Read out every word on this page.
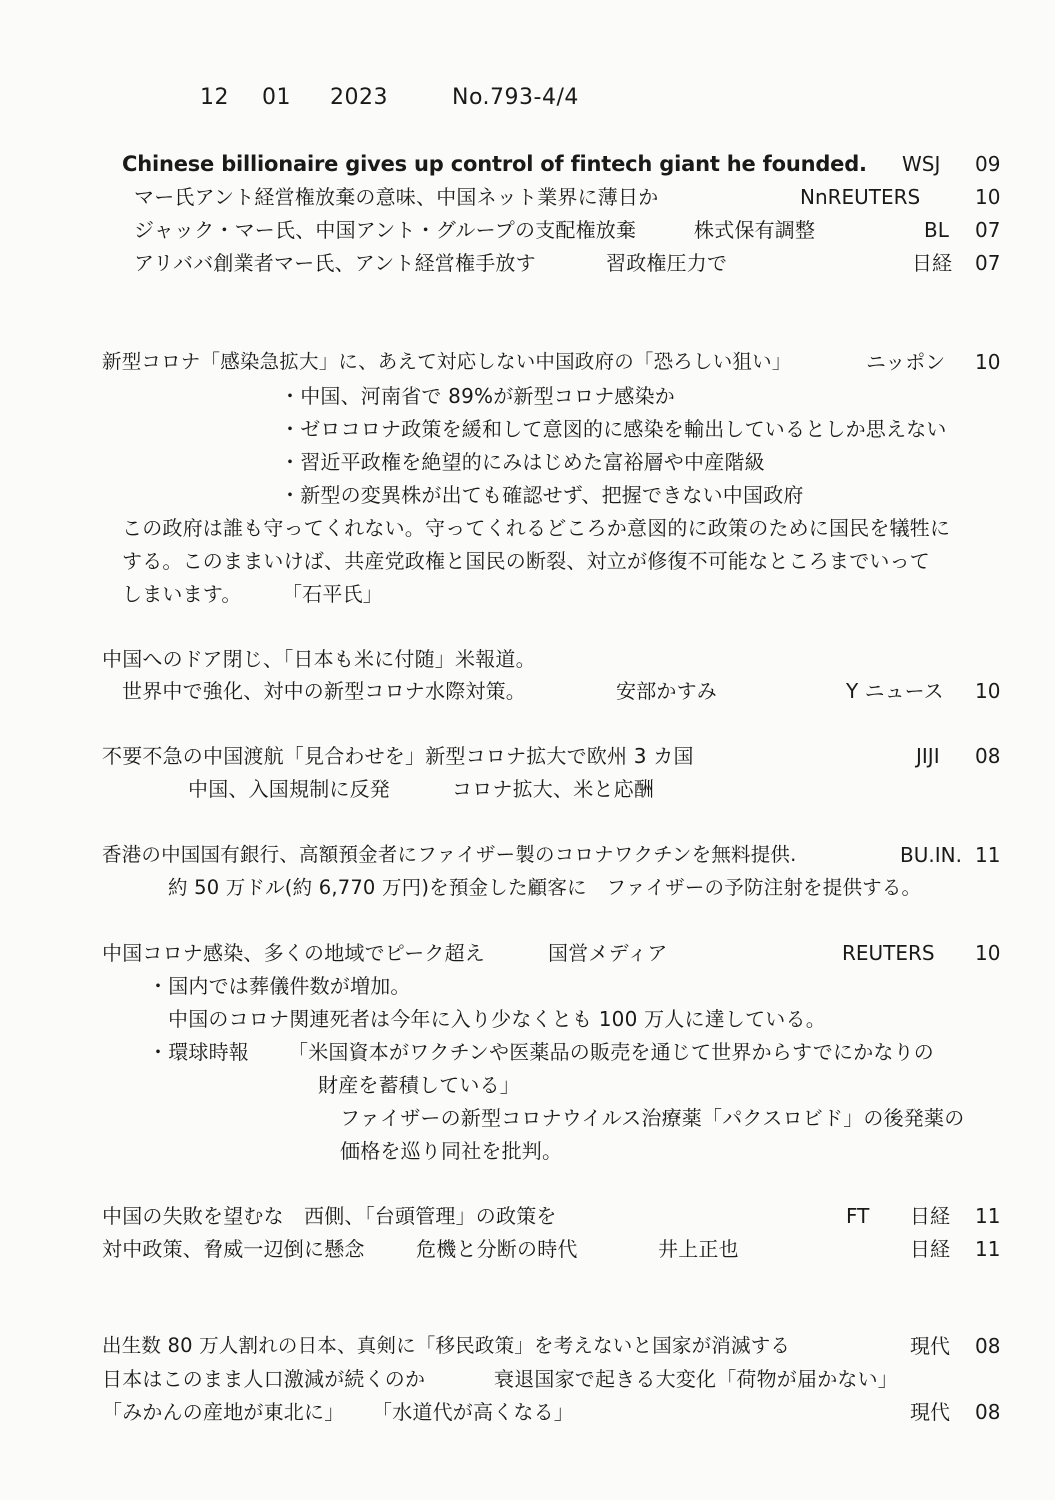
12 01 2023	No.793-4/4
Chinese billionaire gives up control of fintech giant he founded. WSJ 09
マー氏アント経営権放棄の意味、中国ネット業界に薄日か	NnREUTERS	10
ジャック・マー氏、中国アント・グループの支配権放棄	株式保有調整	BL 07
アリババ創業者マー氏、アント経営権手放す	習政権圧力で	日経 07
新型コロナ「感染急拡大」に、あえて対応しない中国政府の「恐ろしい狙い」	ニッポン 10
・中国、河南省で 89%が新型コロナ感染か
・ゼロコロナ政策を緩和して意図的に感染を輸出しているとしか思えない
・習近平政権を絶望的にみはじめた富裕層や中産階級
・新型の変異株が出ても確認せず、把握できない中国政府
この政府は誰も守ってくれない。守ってくれるどころか意図的に政策のために国民を犠牲に
する。このままいけば、共産党政権と国民の断裂、対立が修復不可能なところまでいって
しまいます。 「石平氏」
中国へのドア閉じ、「日本も米に付随」米報道。
世界中で強化、対中の新型コロナ水際対策。	安部かすみ	Y ニュース 10
不要不急の中国渡航「見合わせを」新型コロナ拡大で欧州 3 カ国	JIJI 08
中国、入国規制に反発	コロナ拡大、米と応酬
香港の中国国有銀行、高額預金者にファイザー製のコロナワクチンを無料提供.	BU.IN. 11
約 50 万ドル(約 6,770 万円)を預金した顧客に　ファイザーの予防注射を提供する。
中国コロナ感染、多くの地域でピーク超え	国営メディア	REUTERS 10
・国内では葬儀件数が増加。
中国のコロナ関連死者は今年に入り少なくとも 100 万人に達している。
・環球時報 「米国資本がワクチンや医薬品の販売を通じて世界からすでにかなりの
財産を蓄積している」
ファイザーの新型コロナウイルス治療薬「パクスロビド」の後発薬の
価格を巡り同社を批判。
中国の失敗を望むな　西側、「台頭管理」の政策を	FT 日経 11
対中政策、脅威一辺倒に懸念	危機と分断の時代	井上正也	日経 11
出生数 80 万人割れの日本、真剣に「移民政策」を考えないと国家が消滅する	現代 08
日本はこのまま人口激減が続くのか	衰退国家で起きる大変化「荷物が届かない」
「みかんの産地が東北に」 「水道代が高くなる」	現代 08
